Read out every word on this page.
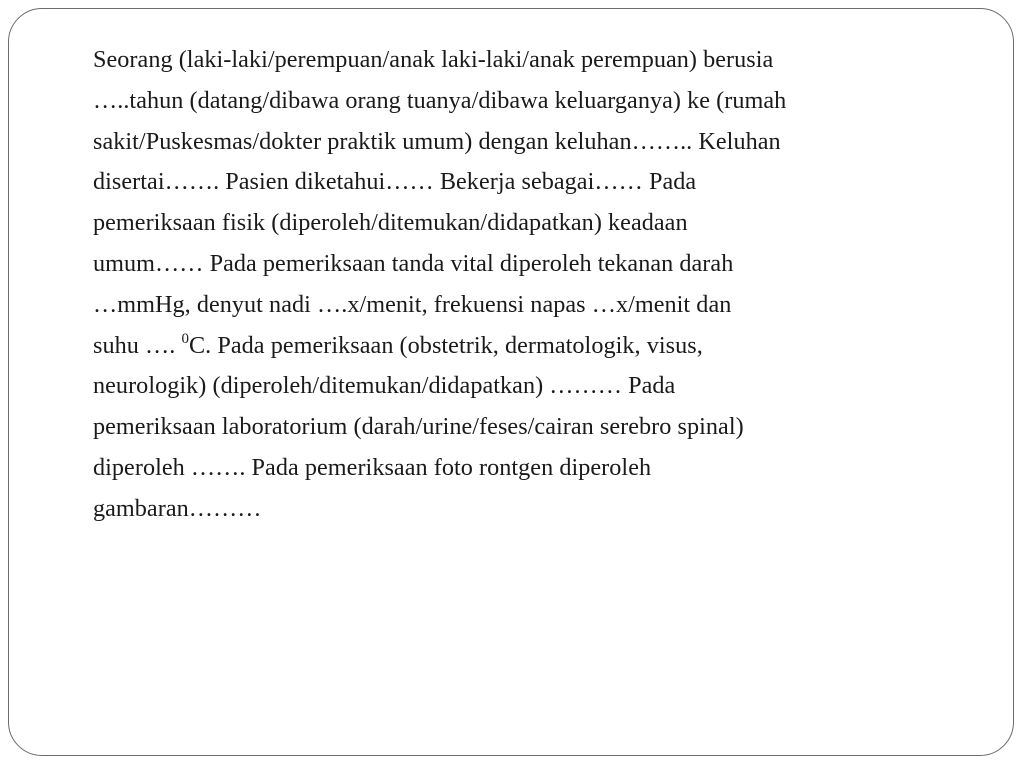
Seorang (laki-laki/perempuan/anak laki-laki/anak perempuan) berusia
…..tahun (datang/dibawa orang tuanya/dibawa keluarganya) ke (rumah
sakit/Puskesmas/dokter praktik umum) dengan keluhan…….. Keluhan
disertai……. Pasien diketahui…… Bekerja sebagai…… Pada
pemeriksaan fisik (diperoleh/ditemukan/didapatkan) keadaan
umum…… Pada pemeriksaan tanda vital diperoleh tekanan darah
…mmHg, denyut nadi ….x/menit, frekuensi napas …x/menit dan
suhu …. $^0$C. Pada pemeriksaan (obstetrik, dermatologik, visus,
neurologik) (diperoleh/ditemukan/didapatkan) ……… Pada
pemeriksaan laboratorium (darah/urine/feses/cairan serebro spinal)
diperoleh ……. Pada pemeriksaan foto rontgen diperoleh
gambaran………
